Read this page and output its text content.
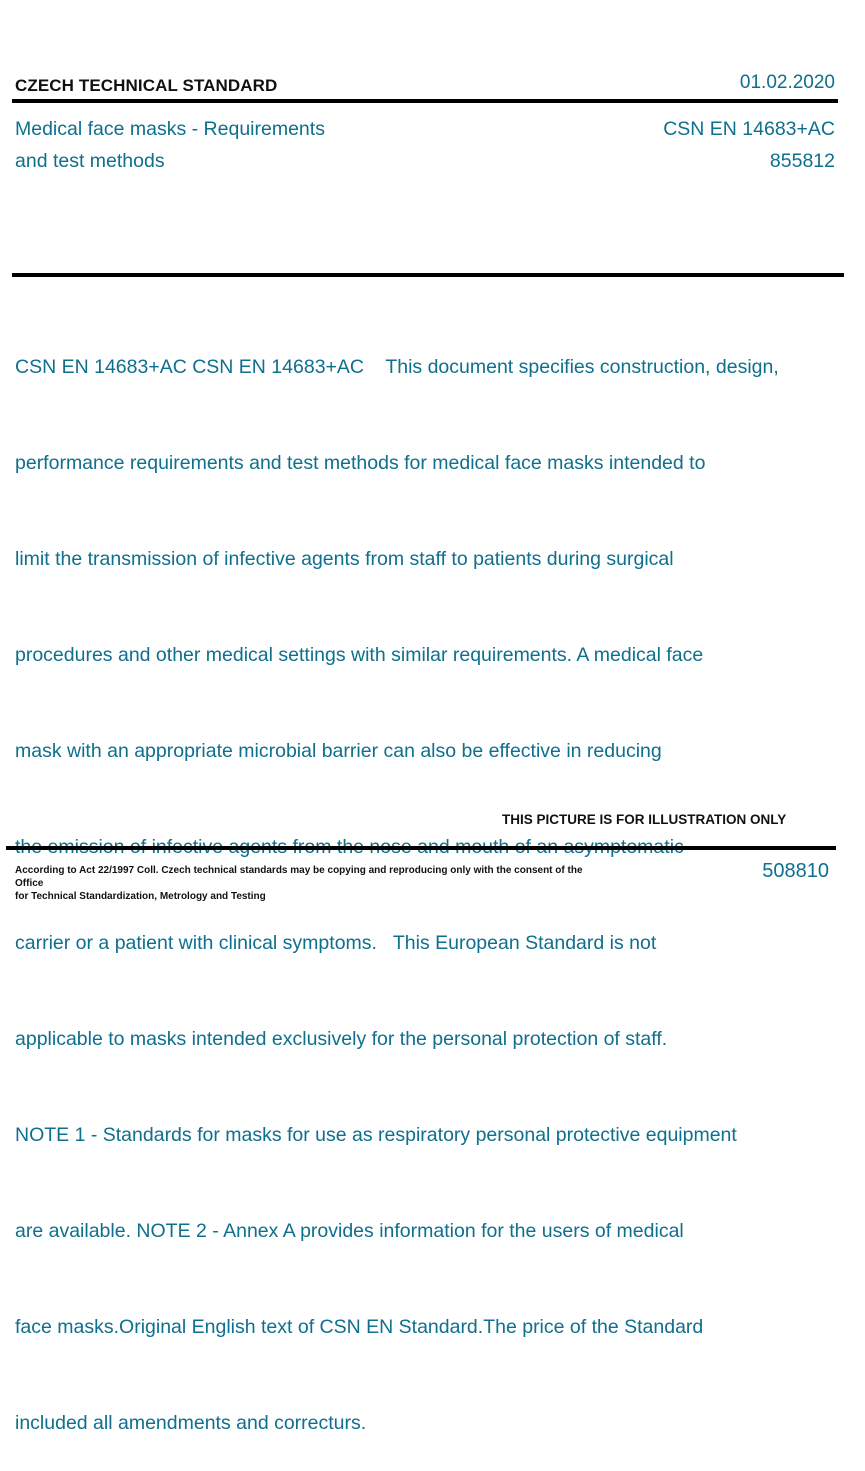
CZECH TECHNICAL STANDARD	01.02.2020
Medical face masks - Requirements
and test methods
CSN EN 14683+AC
855812

CSN EN 14683+AC CSN EN 14683+AC    This document specifies construction, design,

performance requirements and test methods for medical face masks intended to

limit the transmission of infective agents from staff to patients during surgical

procedures and other medical settings with similar requirements. A medical face

mask with an appropriate microbial barrier can also be effective in reducing

carrier or a patient with clinical symptoms.   This European Standard is not

applicable to masks intended exclusively for the personal protection of staff.

NOTE 1 - Standards for masks for use as respiratory personal protective equipment

are available. NOTE 2 - Annex A provides information for the users of medical

face masks.Original English text of CSN EN Standard.The price of the Standard

included all amendments and correcturs.

THIS PICTURE IS FOR ILLUSTRATION ONLY
According to Act 22/1997 Coll. Czech technical standards may be copying and reproducing only with the consent of the Office
for Technical Standardization, Metrology and Testing
508810
